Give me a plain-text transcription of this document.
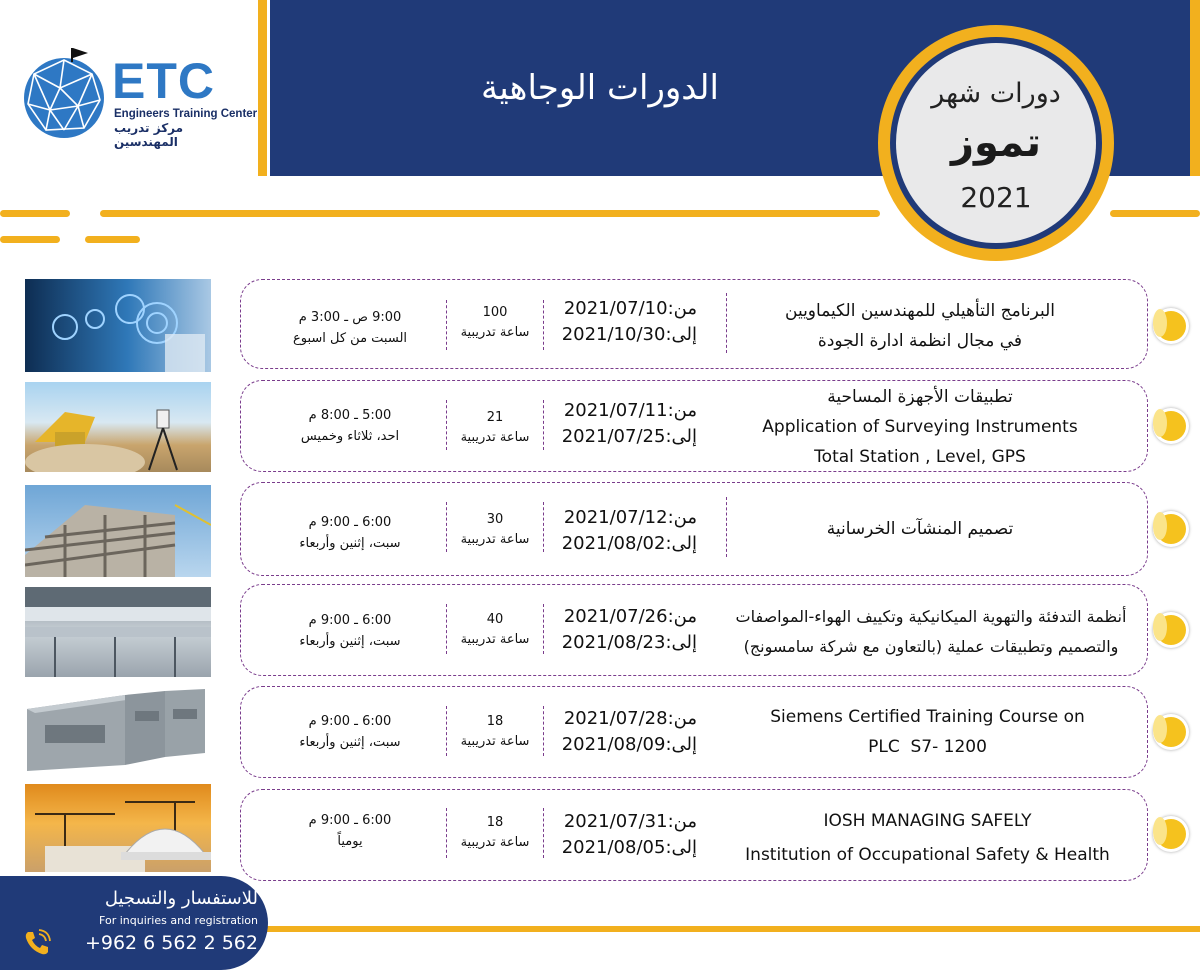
الدورات الوجاهية
ETC
Engineers Training Center
مركز تدريب المهندسين
دورات شهر
تموز
2021
البرنامج التأهيلي للمهندسين الكيماويين
في مجال انظمة ادارة الجودة
من:2021/07/10
إلى:2021/10/30
100
ساعة تدريبية
9:00 ص ـ 3:00 م
السبت من كل اسبوع
تطبيقات الأجهزة المساحية
Application of Surveying Instruments
Total Station , Level, GPS
من:2021/07/11
إلى:2021/07/25
21
ساعة تدريبية
5:00 ـ 8:00 م
احد، ثلاثاء وخميس
تصميم المنشآت الخرسانية
من:2021/07/12
إلى:2021/08/02
30
ساعة تدريبية
6:00 ـ 9:00 م
سبت، إثنين وأربعاء
أنظمة التدفئة والتهوية الميكانيكية وتكييف الهواء-المواصفات
والتصميم وتطبيقات عملية (بالتعاون مع شركة سامسونج)
من:2021/07/26
إلى:2021/08/23
40
ساعة تدريبية
6:00 ـ 9:00 م
سبت، إثنين وأربعاء
Siemens Certified Training Course on
PLC  S7- 1200
من:2021/07/28
إلى:2021/08/09
18
ساعة تدريبية
6:00 ـ 9:00 م
سبت، إثنين وأربعاء
IOSH MANAGING SAFELY
Institution of Occupational Safety & Health
من:2021/07/31
إلى:2021/08/05
18
ساعة تدريبية
6:00 ـ 9:00 م
يومياً
للاستفسار والتسجيل
For inquiries and registration
+962 6 562 2 562
